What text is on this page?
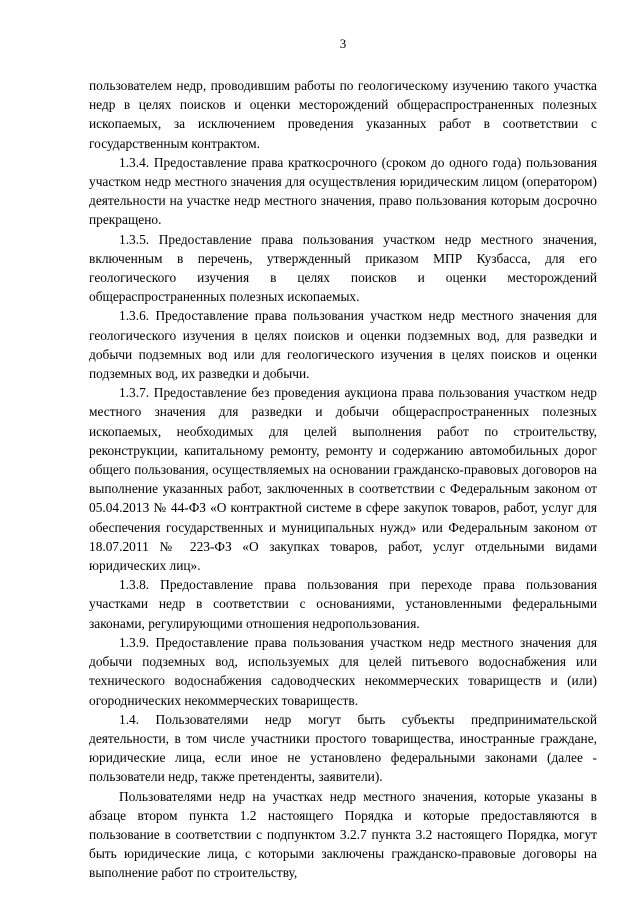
3

пользователем недр, проводившим работы по геологическому изучению такого участка недр в целях поисков и оценки месторождений общераспространенных полезных ископаемых, за исключением проведения указанных работ в соответствии с государственным контрактом.

1.3.4. Предоставление права краткосрочного (сроком до одного года) пользования участком недр местного значения для осуществления юридическим лицом (оператором) деятельности на участке недр местного значения, право пользования которым досрочно прекращено.

1.3.5. Предоставление права пользования участком недр местного значения, включенным в перечень, утвержденный приказом МПР Кузбасса, для его геологического изучения в целях поисков и оценки месторождений общераспространенных полезных ископаемых.

1.3.6. Предоставление права пользования участком недр местного значения для геологического изучения в целях поисков и оценки подземных вод, для разведки и добычи подземных вод или для геологического изучения в целях поисков и оценки подземных вод, их разведки и добычи.

1.3.7. Предоставление без проведения аукциона права пользования участком недр местного значения для разведки и добычи общераспространенных полезных ископаемых, необходимых для целей выполнения работ по строительству, реконструкции, капитальному ремонту, ремонту и содержанию автомобильных дорог общего пользования, осуществляемых на основании гражданско-правовых договоров на выполнение указанных работ, заключенных в соответствии с Федеральным законом от 05.04.2013 № 44-ФЗ «О контрактной системе в сфере закупок товаров, работ, услуг для обеспечения государственных и муниципальных нужд» или Федеральным законом от 18.07.2011 № 223-ФЗ «О закупках товаров, работ, услуг отдельными видами юридических лиц».

1.3.8. Предоставление права пользования при переходе права пользования участками недр в соответствии с основаниями, установленными федеральными законами, регулирующими отношения недропользования.

1.3.9. Предоставление права пользования участком недр местного значения для добычи подземных вод, используемых для целей питьевого водоснабжения или технического водоснабжения садоводческих некоммерческих товариществ и (или) огороднических некоммерческих товариществ.

1.4. Пользователями недр могут быть субъекты предпринимательской деятельности, в том числе участники простого товарищества, иностранные граждане, юридические лица, если иное не установлено федеральными законами (далее - пользователи недр, также претенденты, заявители).

Пользователями недр на участках недр местного значения, которые указаны в абзаце втором пункта 1.2 настоящего Порядка и которые предоставляются в пользование в соответствии с подпунктом 3.2.7 пункта 3.2 настоящего Порядка, могут быть юридические лица, с которыми заключены гражданско-правовые договоры на выполнение работ по строительству,
